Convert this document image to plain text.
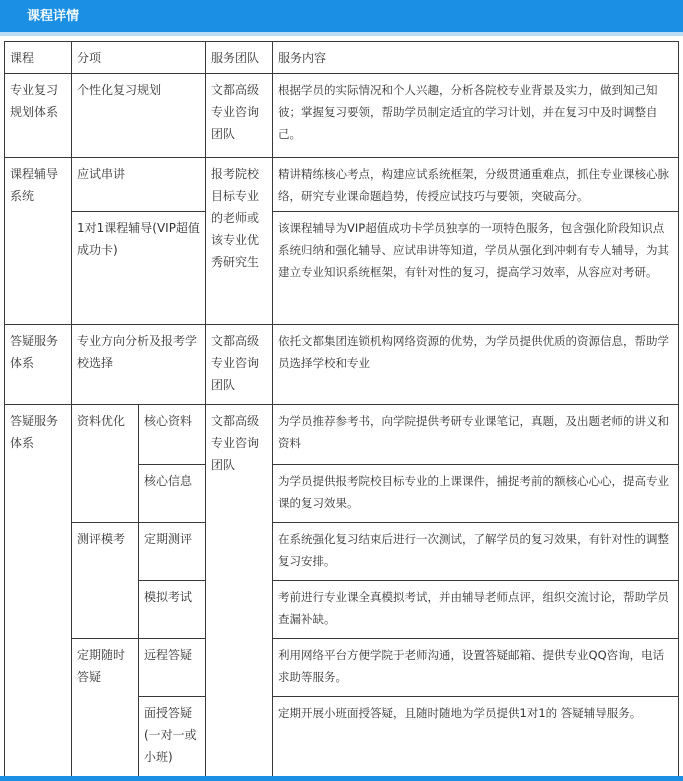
课程详情
课程	分项		服务团队	服务内容
专业复习规划体系	个性化复习规划		文都高级专业咨询团队	根据学员的实际情况和个人兴趣，分析各院校专业背景及实力，做到知己知彼；掌握复习要领，帮助学员制定适宜的学习计划，并在复习中及时调整自己。
课程辅导系统	应试串讲		报考院校目标专业的老师或该专业优秀研究生	精讲精练核心考点，构建应试系统框架，分级贯通重难点，抓住专业课核心脉络，研究专业课命题趋势，传授应试技巧与要领，突破高分。
	1对1课程辅导(VIP超值成功卡)			该课程辅导为VIP超值成功卡学员独享的一项特色服务，包含强化阶段知识点系统归纳和强化辅导、应试串讲等知道，学员从强化到冲刺有专人辅导，为其建立专业知识系统框架，有针对性的复习，提高学习效率，从容应对考研。
答疑服务体系	专业方向分析及报考学校选择		文都高级专业咨询团队	依托文都集团连锁机构网络资源的优势，为学员提供优质的资源信息，帮助学员选择学校和专业
答疑服务体系	资料优化	核心资料	文都高级专业咨询团队	为学员推荐参考书，向学院提供考研专业课笔记，真题，及出题老师的讲义和资料
		核心信息		为学员提供报考院校目标专业的上课课件，捕捉考前的额核心心心，提高专业课的复习效果。
	测评模考	定期测评		在系统强化复习结束后进行一次测试，了解学员的复习效果，有针对性的调整复习安排。
		模拟考试		考前进行专业课全真模拟考试，并由辅导老师点评，组织交流讨论，帮助学员查漏补缺。
	定期随时答疑	远程答疑		利用网络平台方便学院于老师沟通，设置答疑邮箱、提供专业QQ咨询，电话求助等服务。
		面授答疑(一对一或小班)		定期开展小班面授答疑，且随时随地为学员提供1对1的 答疑辅导服务。
